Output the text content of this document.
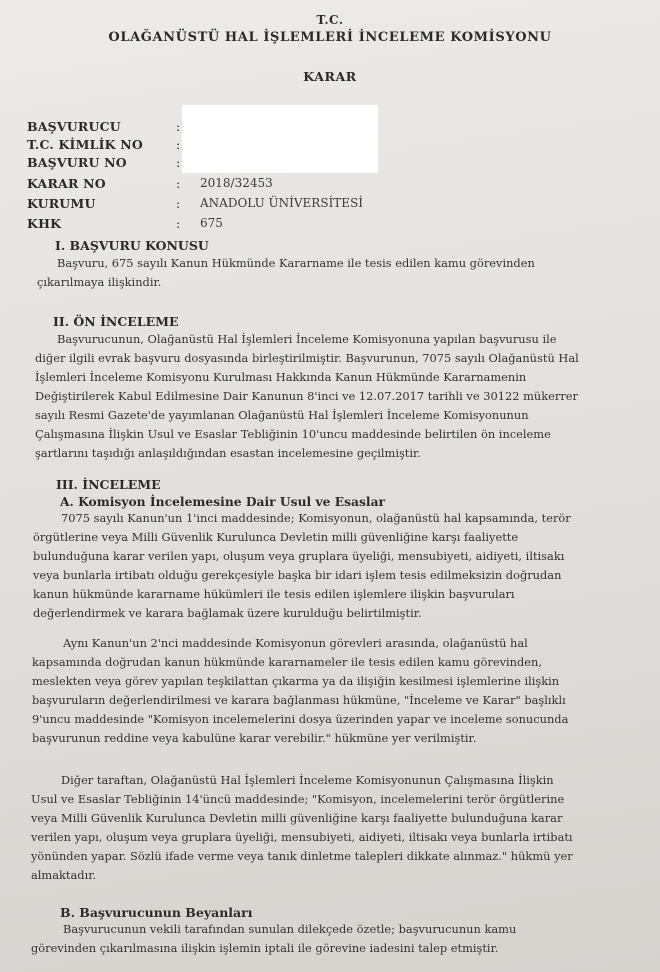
T.C.
OLAĞANÜSTÜ HAL İŞLEMLERİ İNCELEME KOMİSYONU
KARAR
BAŞVURUCU	:
T.C. KİMLİK NO	:
BAŞVURU NO	:
KARAR NO	: 2018/32453
KURUMU	: ANADOLU ÜNİVERSİTESİ
KHK	: 675
I. BAŞVURU KONUSU
Başvuru, 675 sayılı Kanun Hükmünde Kararname ile tesis edilen kamu görevinden
çıkarılmaya ilişkindir.
II. ÖN İNCELEME
Başvurucunun, Olağanüstü Hal İşlemleri İnceleme Komisyonuna yapılan başvurusu ile
diğer ilgili evrak başvuru dosyasında birleştirilmiştir. Başvurunun, 7075 sayılı Olağanüstü Hal
İşlemleri İnceleme Komisyonu Kurulması Hakkında Kanun Hükmünde Kararnamenin
Değiştirilerek Kabul Edilmesine Dair Kanunun 8'inci ve 12.07.2017 tarihli ve 30122 mükerrer
sayılı Resmi Gazete'de yayımlanan Olağanüstü Hal İşlemleri İnceleme Komisyonunun
Çalışmasına İlişkin Usul ve Esaslar Tebliğinin 10'uncu maddesinde belirtilen ön inceleme
şartlarını taşıdığı anlaşıldığından esastan incelemesine geçilmiştir.
III. İNCELEME
A. Komisyon İncelemesine Dair Usul ve Esaslar
7075 sayılı Kanun'un 1'inci maddesinde; Komisyonun, olağanüstü hal kapsamında, terör
örgütlerine veya Milli Güvenlik Kurulunca Devletin milli güvenliğine karşı faaliyette
bulunduğuna karar verilen yapı, oluşum veya gruplara üyeliği, mensubiyeti, aidiyeti, iltisakı
veya bunlarla irtibatı olduğu gerekçesiyle başka bir idari işlem tesis edilmeksizin doğrudan
kanun hükmünde kararname hükümleri ile tesis edilen işlemlere ilişkin başvuruları
değerlendirmek ve karara bağlamak üzere kurulduğu belirtilmiştir.
Aynı Kanun'un 2'nci maddesinde Komisyonun görevleri arasında, olağanüstü hal
kapsamında doğrudan kanun hükmünde kararnameler ile tesis edilen kamu görevinden,
meslekten veya görev yapılan teşkilattan çıkarma ya da ilişiğin kesilmesi işlemlerine ilişkin
başvuruların değerlendirilmesi ve karara bağlanması hükmüne, "İnceleme ve Karar" başlıklı
9'uncu maddesinde "Komisyon incelemelerini dosya üzerinden yapar ve inceleme sonucunda
başvurunun reddine veya kabulüne karar verebilir." hükmüne yer verilmiştir.
Diğer taraftan, Olağanüstü Hal İşlemleri İnceleme Komisyonunun Çalışmasına İlişkin
Usul ve Esaslar Tebliğinin 14'üncü maddesinde; "Komisyon, incelemelerini terör örgütlerine
veya Milli Güvenlik Kurulunca Devletin milli güvenliğine karşı faaliyette bulunduğuna karar
verilen yapı, oluşum veya gruplara üyeliği, mensubiyeti, aidiyeti, iltisakı veya bunlarla irtibatı
yönünden yapar. Sözlü ifade verme veya tanık dinletme talepleri dikkate alınmaz." hükmü yer
almaktadır.
B. Başvurucunun Beyanları
Başvurucunun vekili tarafından sunulan dilekçede özetle; başvurucunun kamu
görevinden çıkarılmasına ilişkin işlemin iptali ile görevine iadesini talep etmiştir.
